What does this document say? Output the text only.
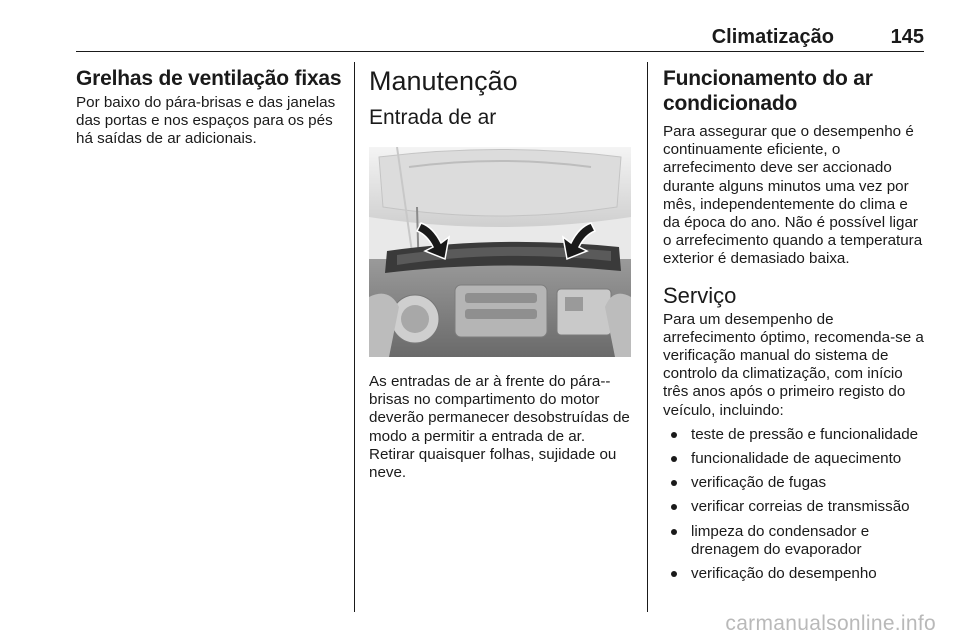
Climatização	145
Grelhas de ventilação fixas

Por baixo do pára-brisas e das janelas das portas e nos espaços para os pés há saídas de ar adicionais.

Manutenção
Entrada de ar

As entradas de ar à frente do pára--brisas no compartimento do motor deverão permanecer desobstruídas de modo a permitir a entrada de ar. Retirar quaisquer folhas, sujidade ou neve.

Funcionamento do ar condicionado

Para assegurar que o desempenho é continuamente eficiente, o arrefecimento deve ser accionado durante alguns minutos uma vez por mês, independentemente do clima e da época do ano. Não é possível ligar o arrefecimento quando a temperatura exterior é demasiado baixa.

Serviço

Para um desempenho de arrefecimento óptimo, recomenda-se a verificação manual do sistema de controlo da climatização, com início três anos após o primeiro registo do veículo, incluindo:

teste de pressão e funcionalidade
funcionalidade de aquecimento
verificação de fugas
verificar correias de transmissão
limpeza do condensador e drenagem do evaporador
verificação do desempenho
carmanualsonline.info
